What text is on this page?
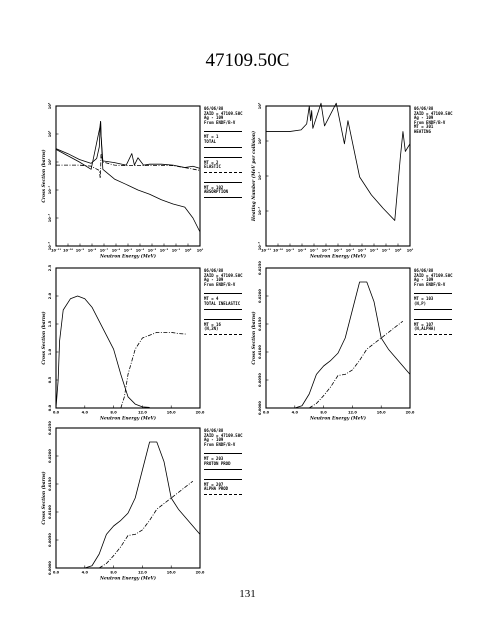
47109.50C
10⁻¹¹ 10⁻¹⁰ 10⁻⁹ 10⁻⁸ 10⁻⁷ 10⁻⁶ 10⁻⁵ 10⁻⁴ 10⁻³ 10⁻² 10⁻¹ 10⁰ 10¹
10⁻⁵
10⁻³
10⁻¹
10¹
10³
10⁵
Neutron Energy (MeV)
Cross Section (barns)
06/06/88
ZAID = 47109.50C
Ag - 109
From ENDF/B-V
MT = 1
TOTAL
MT = 2
ELASTIC
MT = 102
ABSORPTION
10⁻¹¹ 10⁻¹⁰ 10⁻⁹ 10⁻⁸ 10⁻⁷ 10⁻⁶ 10⁻⁵ 10⁻⁴ 10⁻³ 10⁻² 10⁻¹ 10⁰ 10¹
10⁻⁵
10⁻³
10⁻¹
10¹
10³
Neutron Energy (MeV)
Heating Number (MeV per collision)
06/06/88
ZAID = 47109.50C
Ag - 109
From ENDF/B-V
MT = 301
HEATING
0.0	4.0	8.0	12.0	16.0	20.0
0.0
0.5
1.0
1.5
2.0
2.5
Neutron Energy (MeV)
Cross Section (barns)
06/06/88
ZAID = 47109.50C
Ag - 109
From ENDF/B-V
MT = 4
TOTAL INELASTIC
MT = 16
(N,2N)
0.0	4.0	8.0	12.0	16.0	20.0
0.0000
0.0050
0.0100
0.0150
0.0200
0.0250
Neutron Energy (MeV)
Cross Section (barns)
06/06/88
ZAID = 47109.50C
Ag - 109
From ENDF/B-V
MT = 103
(N,P)
MT = 107
(N,ALPHA)
0.0	4.0	8.0	12.0	16.0	20.0
0.0000
0.0050
0.0100
0.0150
0.0200
0.0250
Neutron Energy (MeV)
Cross Section (barns)
06/06/88
ZAID = 47109.50C
Ag - 109
From ENDF/B-V
MT = 203
PROTON PROD
MT = 207
ALPHA PROD
131
